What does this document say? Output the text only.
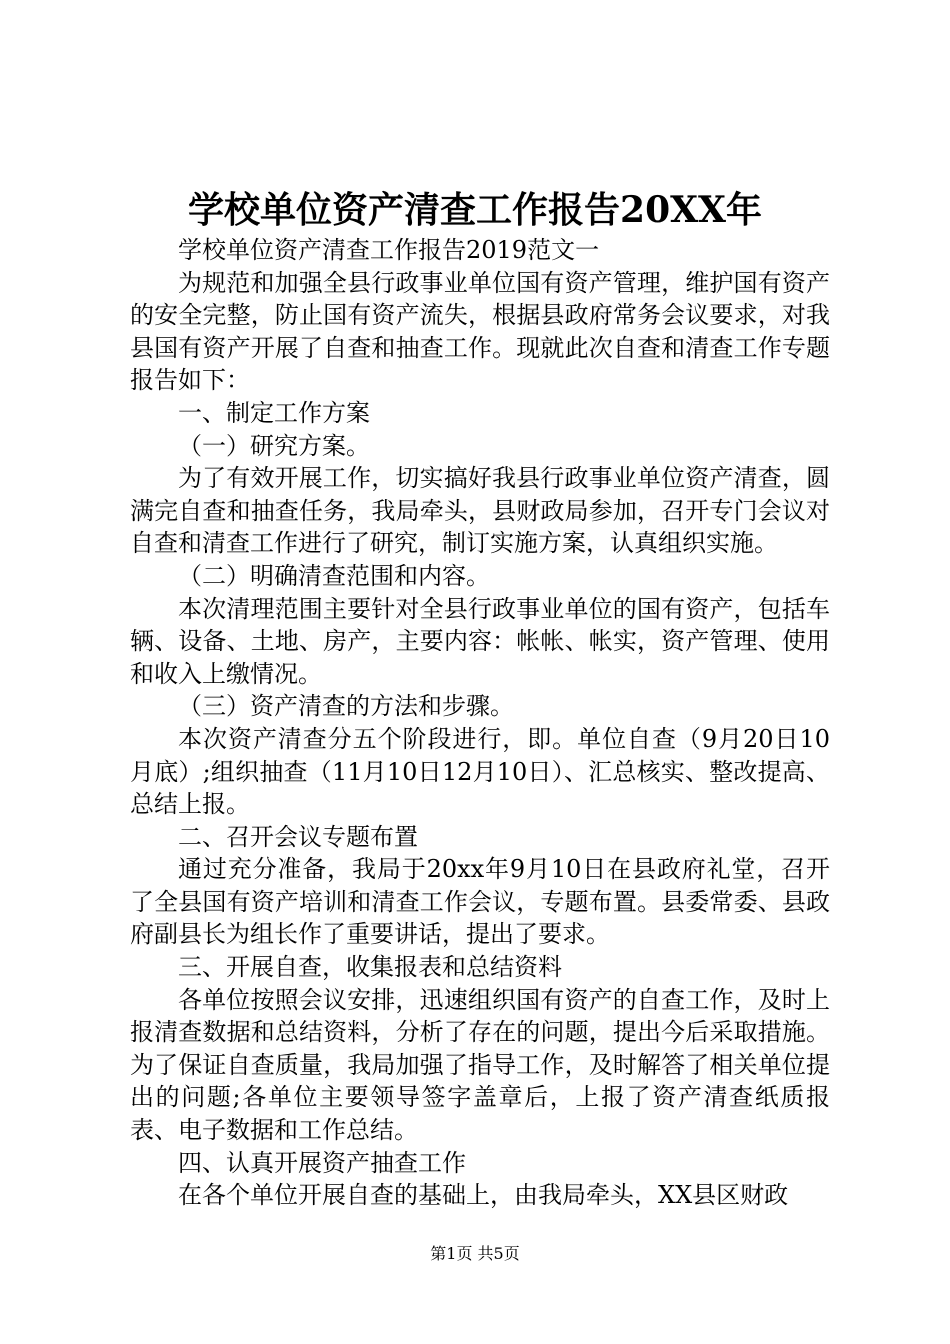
学校单位资产清查工作报告20XX年

学校单位资产清查工作报告2019范文一

为规范和加强全县行政事业单位国有资产管理，维护国有资产的安全完整，防止国有资产流失，根据县政府常务会议要求，对我县国有资产开展了自查和抽查工作。现就此次自查和清查工作专题报告如下：

一、制定工作方案

（一）研究方案。

为了有效开展工作，切实搞好我县行政事业单位资产清查，圆满完自查和抽查任务，我局牵头，县财政局参加，召开专门会议对自查和清查工作进行了研究，制订实施方案，认真组织实施。

（二）明确清查范围和内容。

本次清理范围主要针对全县行政事业单位的国有资产，包括车辆、设备、土地、房产，主要内容：帐帐、帐实，资产管理、使用和收入上缴情况。

（三）资产清查的方法和步骤。

本次资产清查分五个阶段进行，即。单位自查（9月20日10月底）;组织抽查（11月10日12月10日）、汇总核实、整改提高、总结上报。

二、召开会议专题布置

通过充分准备，我局于20xx年9月10日在县政府礼堂，召开了全县国有资产培训和清查工作会议，专题布置。县委常委、县政府副县长为组长作了重要讲话，提出了要求。

三、开展自查，收集报表和总结资料

各单位按照会议安排，迅速组织国有资产的自查工作，及时上报清查数据和总结资料，分析了存在的问题，提出今后采取措施。为了保证自查质量，我局加强了指导工作，及时解答了相关单位提出的问题;各单位主要领导签字盖章后，上报了资产清查纸质报表、电子数据和工作总结。

四、认真开展资产抽查工作

在各个单位开展自查的基础上，由我局牵头，XX县区财政

第1页 共5页
